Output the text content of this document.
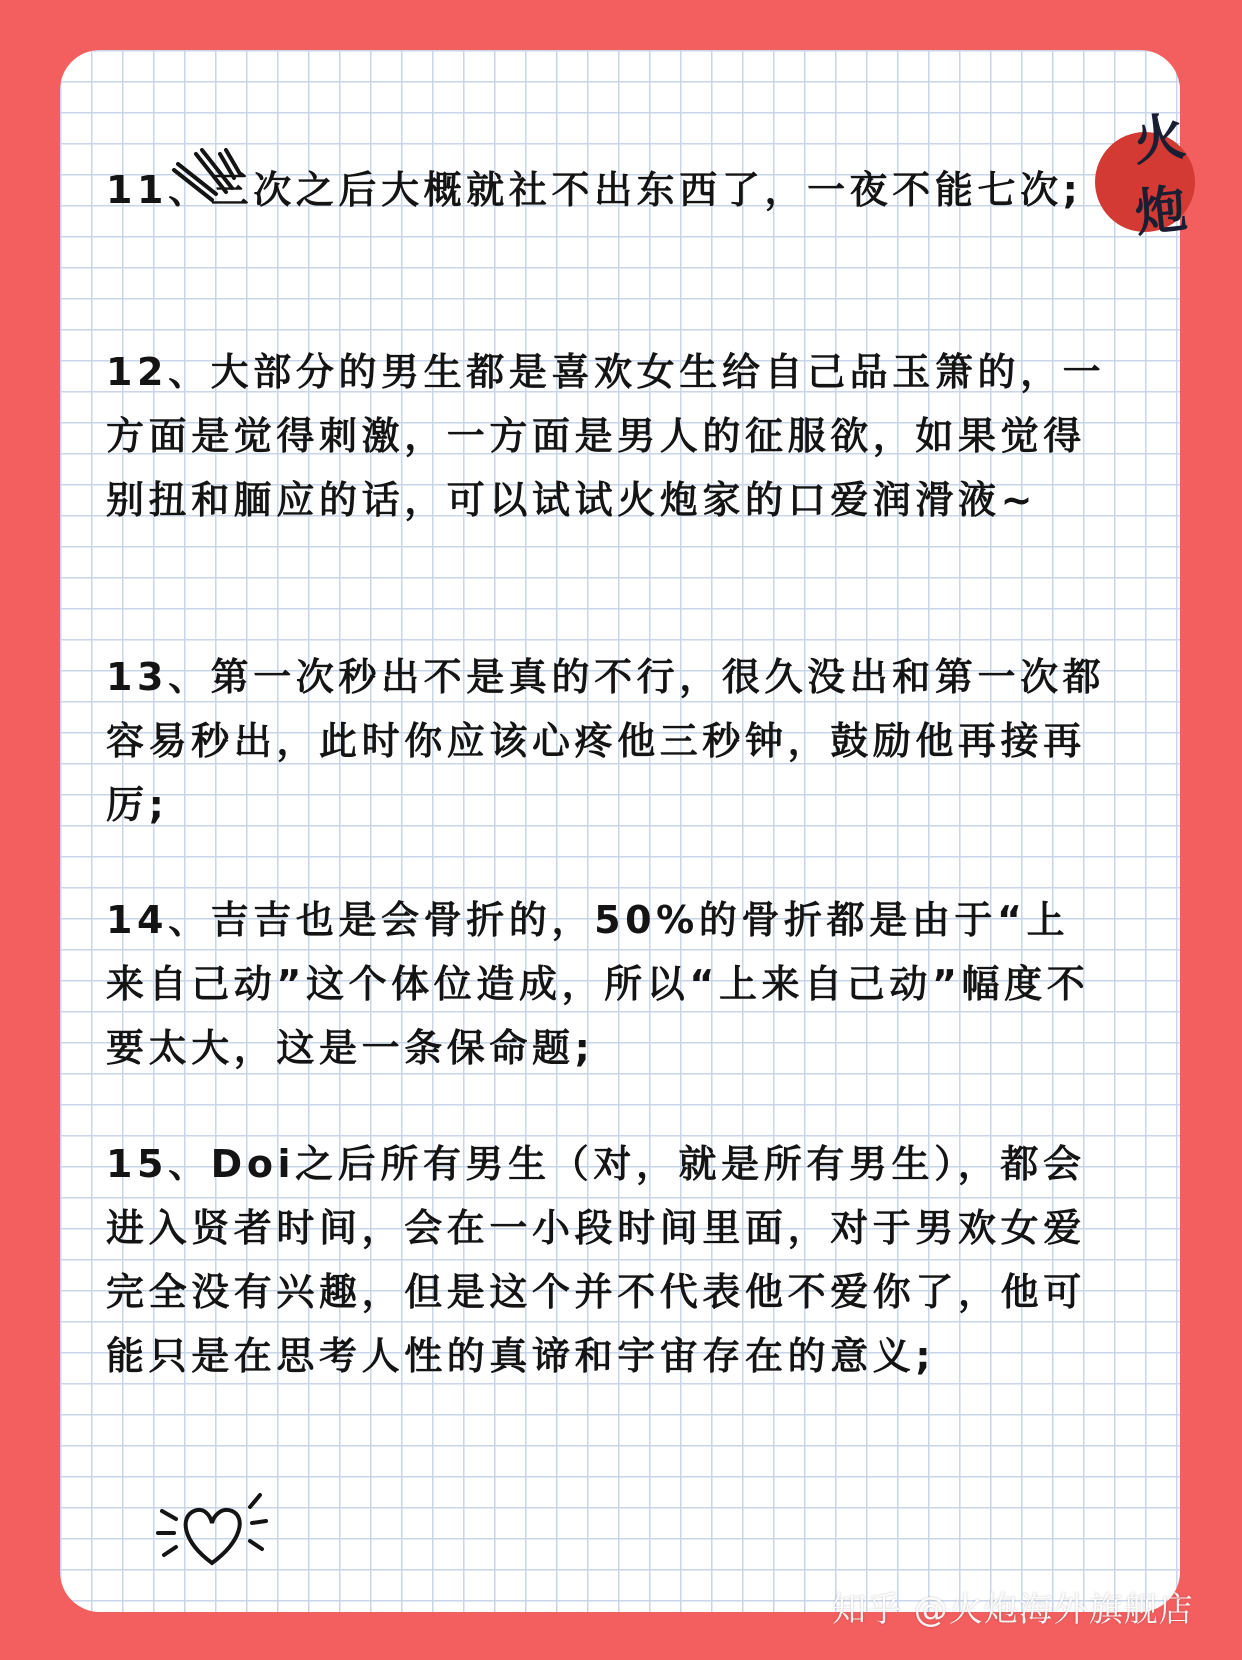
火
炮

11、三次之后大概就社不出东西了，一夜不能七次;

12、大部分的男生都是喜欢女生给自己品玉箫的，一方面是觉得刺激，一方面是男人的征服欲，如果觉得别扭和腼应的话，可以试试火炮家的口爱润滑液~

13、第一次秒出不是真的不行，很久没出和第一次都容易秒出，此时你应该心疼他三秒钟，鼓励他再接再厉;

14、吉吉也是会骨折的，50%的骨折都是由于“上来自己动”这个体位造成，所以“上来自己动”幅度不要太大，这是一条保命题;

15、Doi之后所有男生（对，就是所有男生），都会进入贤者时间，会在一小段时间里面，对于男欢女爱完全没有兴趣，但是这个并不代表他不爱你了，他可能只是在思考人性的真谛和宇宙存在的意义;

知乎 @火炮海外旗舰店
